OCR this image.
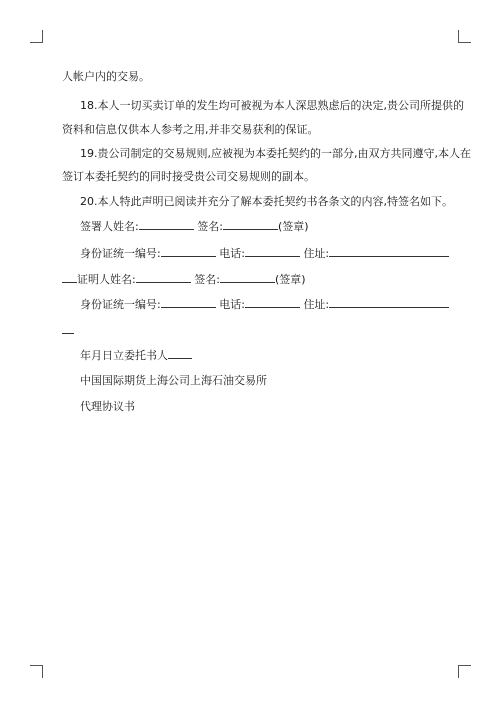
人帐户内的交易。
18.本人一切买卖订单的发生均可被视为本人深思熟虑后的决定,贵公司所提供的
资料和信息仅供本人参考之用,并非交易获利的保证。
19.贵公司制定的交易规则,应被视为本委托契约的一部分,由双方共同遵守,本人在
签订本委托契约的同时接受贵公司交易规则的副本。
20.本人特此声明已阅读并充分了解本委托契约书各条文的内容,特签名如下。
签署人姓名:	签名:	(签章)
身份证统一编号:	电话:	住址:
证明人姓名:	签名:	(签章)
身份证统一编号:	电话:	住址:
年月日立委托书人
中国国际期货上海公司上海石油交易所
代理协议书
